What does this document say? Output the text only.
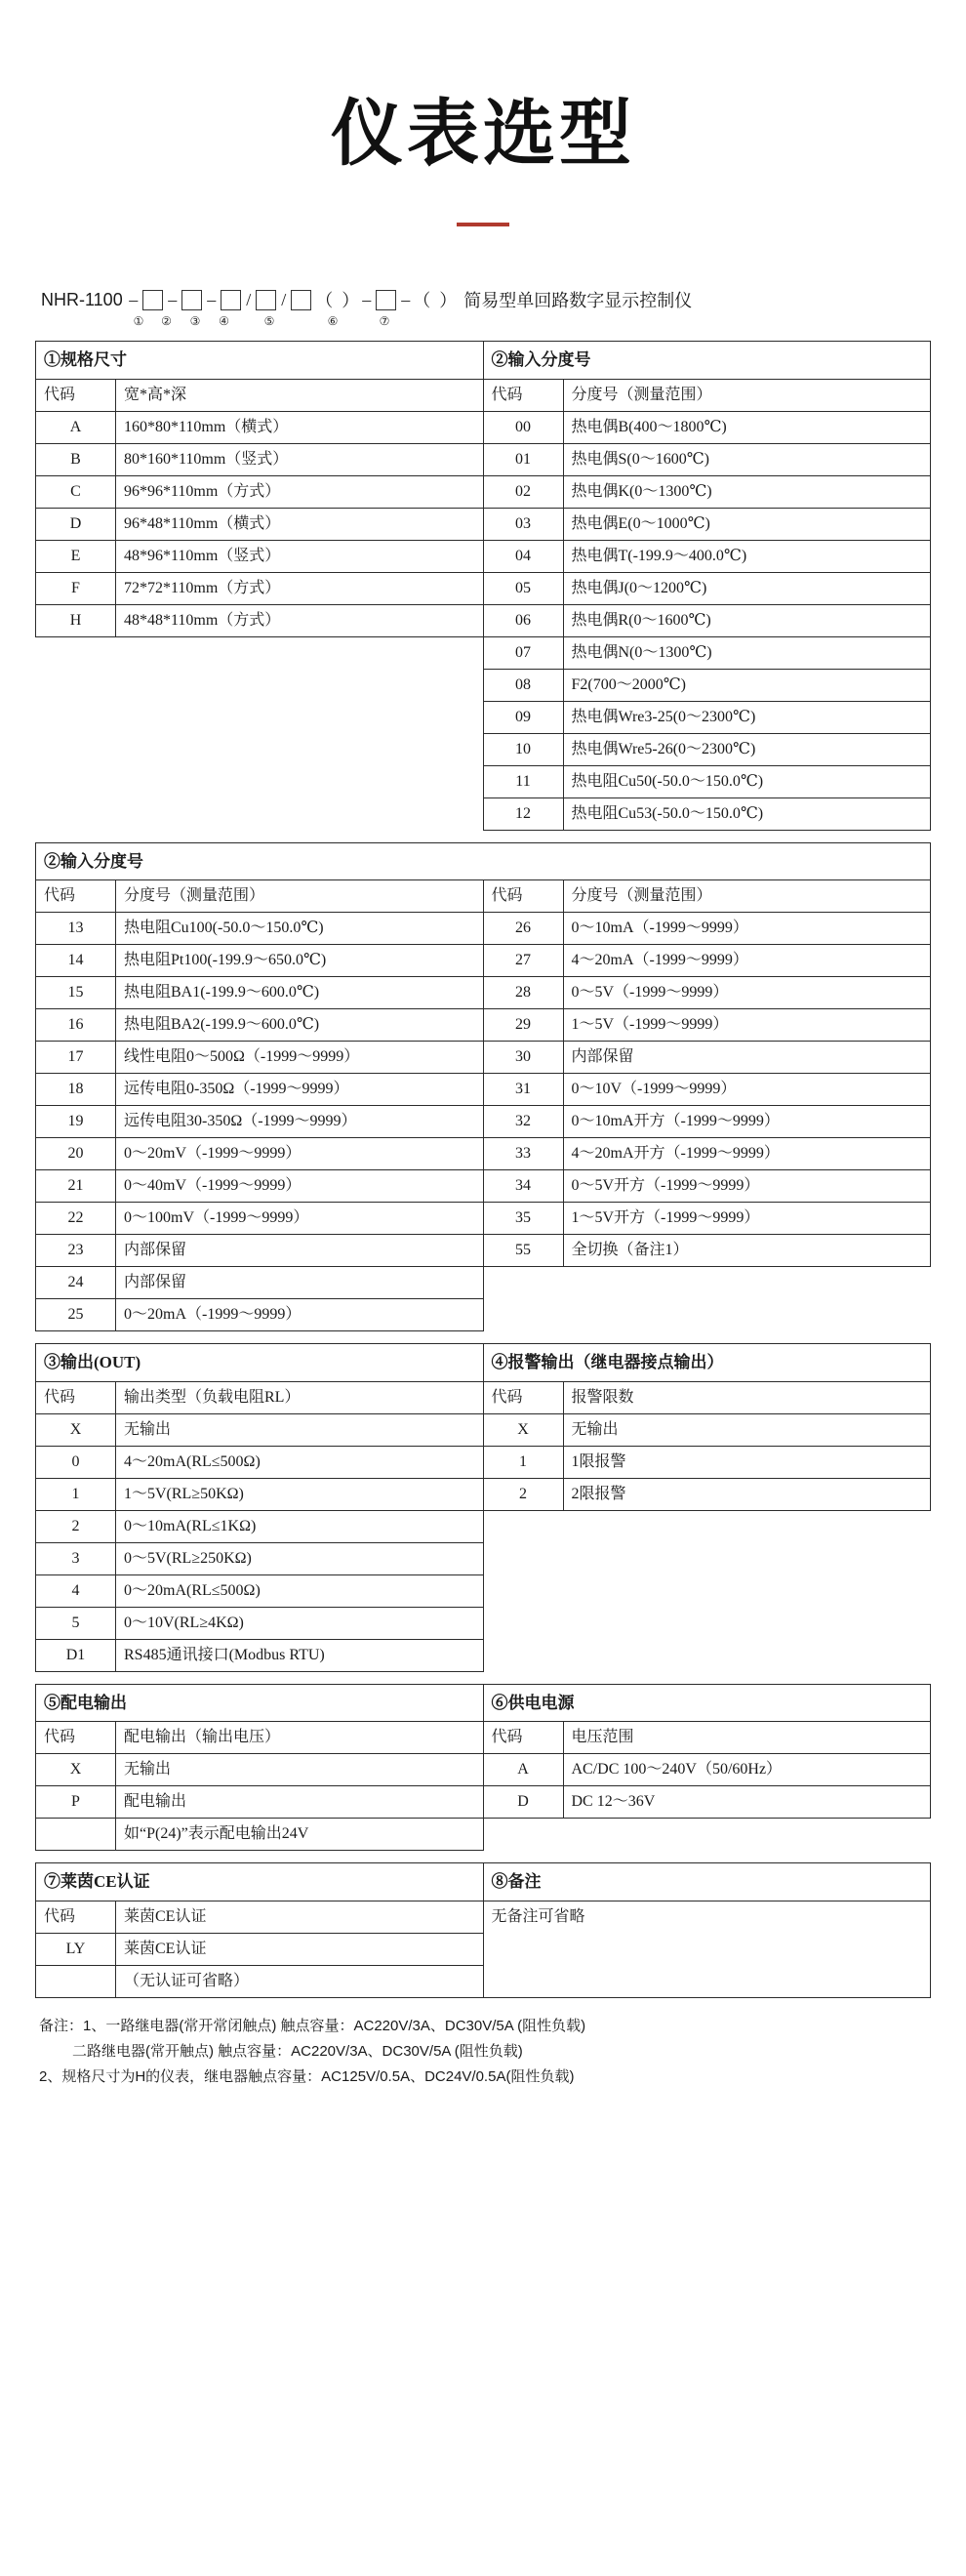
仪表选型
NHR-1100 – – – / / （  ） – – （  ）
①	②	③	④	⑤	⑥	⑦
简易型单回路数字显示控制仪
①规格尺寸		②输入分度号	
代码	宽*高*深	代码	分度号（测量范围）
A	160*80*110mm（横式）	00	热电偶B(400～1800℃)
B	80*160*110mm（竖式）	01	热电偶S(0～1600℃)
C	96*96*110mm（方式）	02	热电偶K(0～1300℃)
D	96*48*110mm（横式）	03	热电偶E(0～1000℃)
E	48*96*110mm（竖式）	04	热电偶T(-199.9～400.0℃)
F	72*72*110mm（方式）	05	热电偶J(0～1200℃)
H	48*48*110mm（方式）	06	热电偶R(0～1600℃)
		07	热电偶N(0～1300℃)
		08	F2(700～2000℃)
		09	热电偶Wre3-25(0～2300℃)
		10	热电偶Wre5-26(0～2300℃)
		11	热电阻Cu50(-50.0～150.0℃)
		12	热电阻Cu53(-50.0～150.0℃)
②输入分度号			
代码	分度号（测量范围）	代码	分度号（测量范围）
13	热电阻Cu100(-50.0～150.0℃)	26	0～10mA（-1999～9999）
14	热电阻Pt100(-199.9～650.0℃)	27	4～20mA（-1999～9999）
15	热电阻BA1(-199.9～600.0℃)	28	0～5V（-1999～9999）
16	热电阻BA2(-199.9～600.0℃)	29	1～5V（-1999～9999）
17	线性电阻0～500Ω（-1999～9999）	30	内部保留
18	远传电阻0-350Ω（-1999～9999）	31	0～10V（-1999～9999）
19	远传电阻30-350Ω（-1999～9999）	32	0～10mA开方（-1999～9999）
20	0～20mV（-1999～9999）	33	4～20mA开方（-1999～9999）
21	0～40mV（-1999～9999）	34	0～5V开方（-1999～9999）
22	0～100mV（-1999～9999）	35	1～5V开方（-1999～9999）
23	内部保留	55	全切换（备注1）
24	内部保留		
25	0～20mA（-1999～9999）		
③输出(OUT)		④报警输出（继电器接点输出）	
代码	输出类型（负载电阻RL）	代码	报警限数
X	无输出	X	无输出
0	4～20mA(RL≤500Ω)	1	1限报警
1	1～5V(RL≥50KΩ)	2	2限报警
2	0～10mA(RL≤1KΩ)		
3	0～5V(RL≥250KΩ)		
4	0～20mA(RL≤500Ω)		
5	0～10V(RL≥4KΩ)		
D1	RS485通讯接口(Modbus RTU)		
⑤配电输出		⑥供电电源	
代码	配电输出（输出电压）	代码	电压范围
X	无输出	A	AC/DC 100～240V（50/60Hz）
P	配电输出	D	DC 12～36V
	如“P(24)”表示配电输出24V		
⑦莱茵CE认证		⑧备注
代码	莱茵CE认证	无备注可省略
LY	莱茵CE认证	
	（无认证可省略）	
备注：1、一路继电器(常开常闭触点) 触点容量：AC220V/3A、DC30V/5A (阻性负载)
二路继电器(常开触点) 触点容量：AC220V/3A、DC30V/5A (阻性负载)
2、规格尺寸为H的仪表，继电器触点容量：AC125V/0.5A、DC24V/0.5A(阻性负载)
